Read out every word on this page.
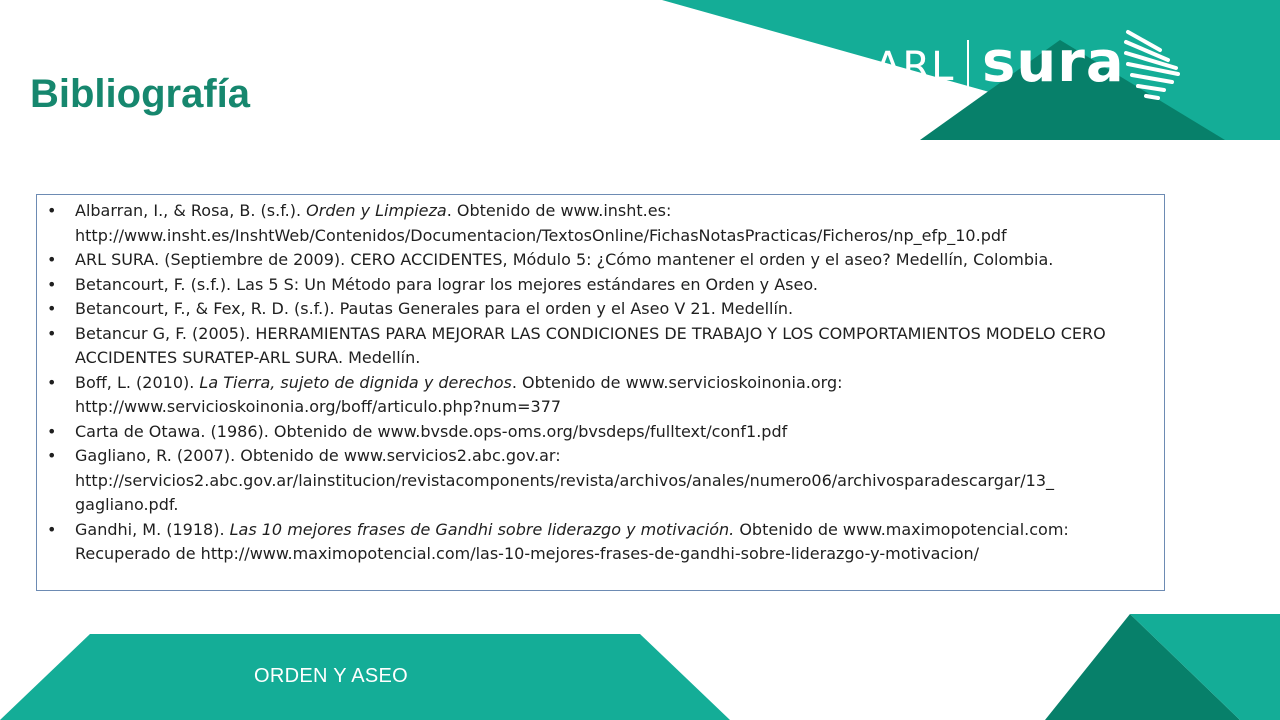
Bibliografía
ARL sura
• Albarran, I., & Rosa, B. (s.f.). Orden y Limpieza. Obtenido de www.insht.es: http://www.insht.es/InshtWeb/Contenidos/Documentacion/TextosOnline/FichasNotasPracticas/Ficheros/np_efp_10.pdf
• ARL SURA. (Septiembre de 2009). CERO ACCIDENTES, Módulo 5: ¿Cómo mantener el orden y el aseo? Medellín, Colombia.
• Betancourt, F. (s.f.). Las 5 S: Un Método para lograr los mejores estándares en Orden y Aseo.
• Betancourt, F., & Fex, R. D. (s.f.). Pautas Generales para el orden y el Aseo V 21. Medellín.
• Betancur G, F. (2005). HERRAMIENTAS PARA MEJORAR LAS CONDICIONES DE TRABAJO Y LOS COMPORTAMIENTOS MODELO CERO ACCIDENTES SURATEP-ARL SURA. Medellín.
• Boff, L. (2010). La Tierra, sujeto de dignida y derechos. Obtenido de www.servicioskoinonia.org: http://www.servicioskoinonia.org/boff/articulo.php?num=377
• Carta de Otawa. (1986). Obtenido de www.bvsde.ops-oms.org/bvsdeps/fulltext/conf1.pdf
• Gagliano, R. (2007). Obtenido de www.servicios2.abc.gov.ar: http://servicios2.abc.gov.ar/lainstitucion/revistacomponents/revista/archivos/anales/numero06/archivosparadescargar/13_ gagliano.pdf.
• Gandhi, M. (1918). Las 10 mejores frases de Gandhi sobre liderazgo y motivación. Obtenido de www.maximopotencial.com: Recuperado de http://www.maximopotencial.com/las-10-mejores-frases-de-gandhi-sobre-liderazgo-y-motivacion/
ORDEN Y ASEO
